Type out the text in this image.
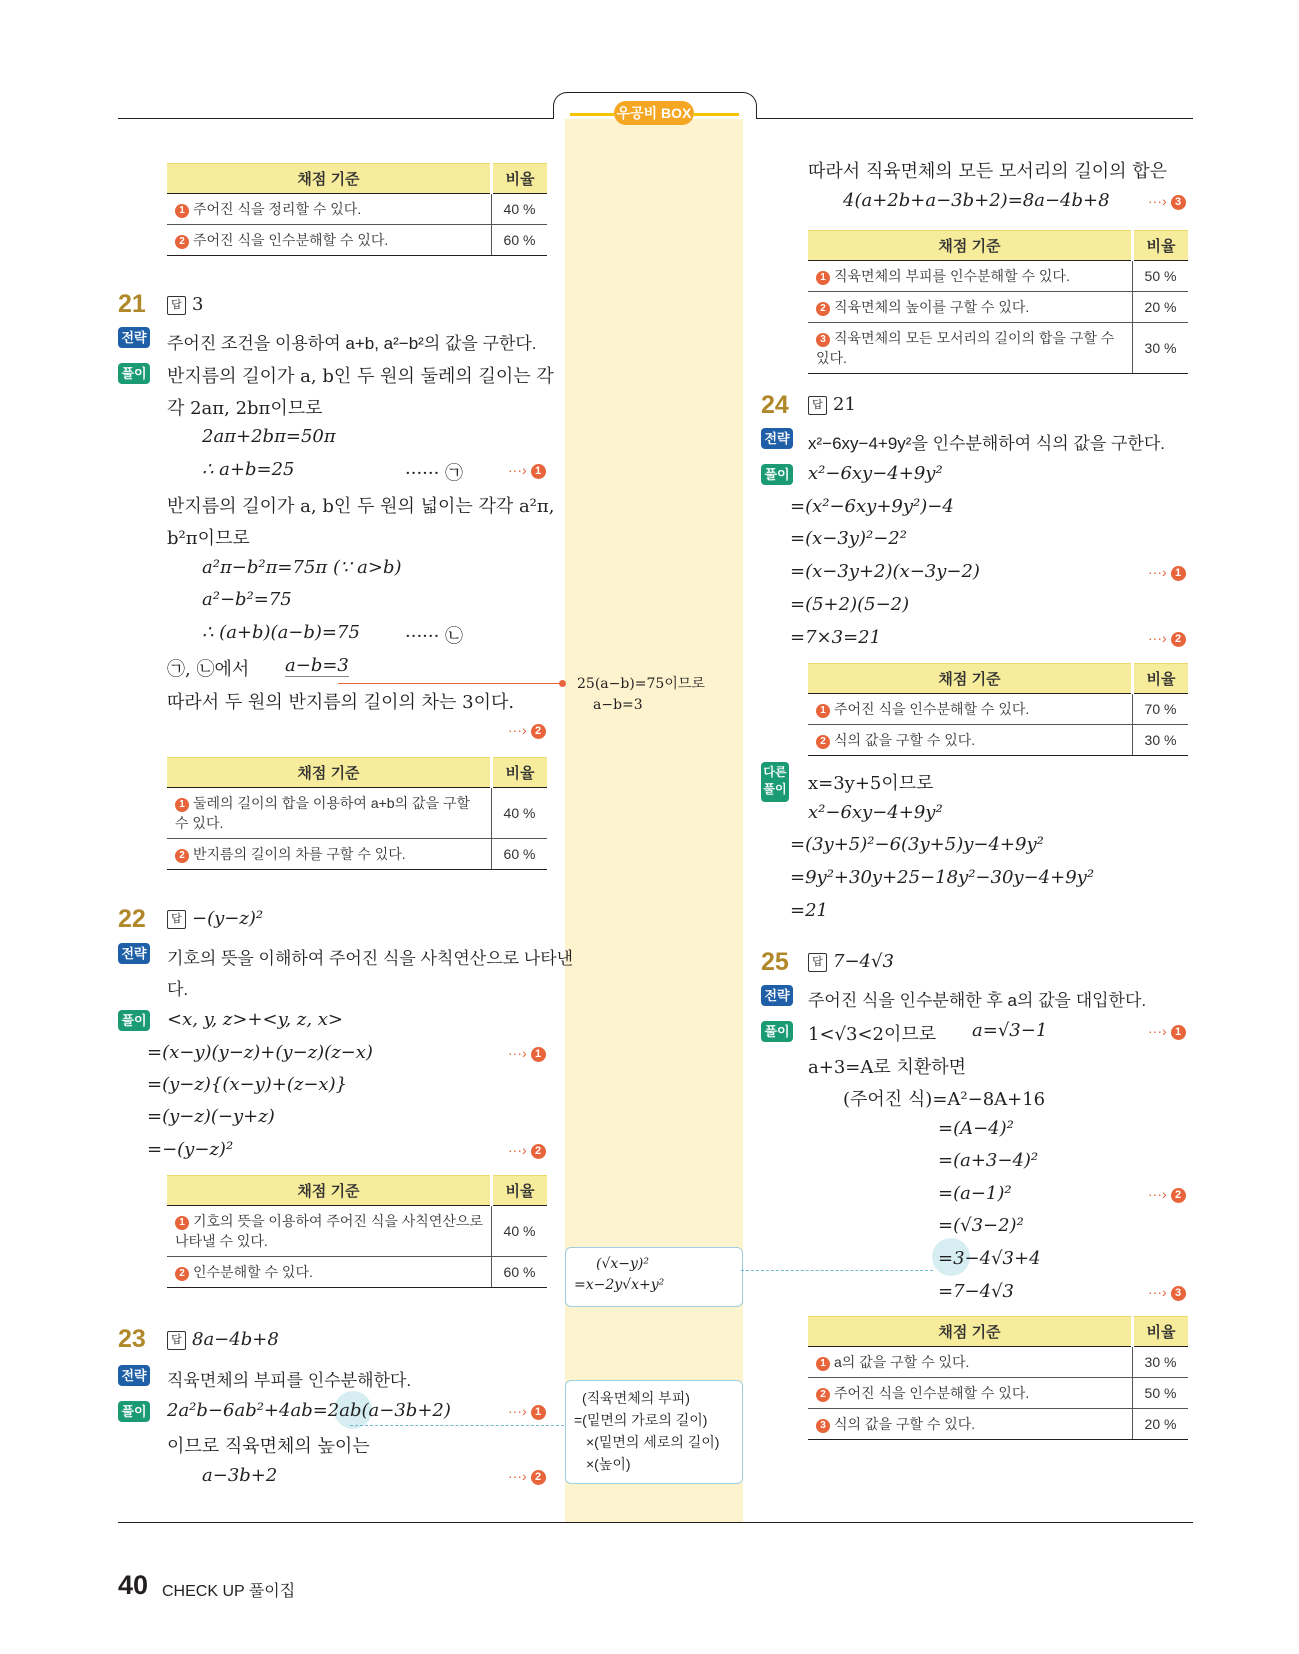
우공비 BOX
채점 기준	비율
1 주어진 식을 정리할 수 있다.	40 %
2 주어진 식을 인수분해할 수 있다.	60 %
21	답 3
전략 주어진 조건을 이용하여 a+b, a²−b²의 값을 구한다.
풀이 반지름의 길이가 a, b인 두 원의 둘레의 길이는 각
각 2aπ, 2bπ이므로
2aπ+2bπ=50π
∴ a+b=25	······ ㉠	···› 1
반지름의 길이가 a, b인 두 원의 넓이는 각각 a²π,
b²π이므로
a²π−b²π=75π (∵ a>b)
a²−b²=75
∴ (a+b)(a−b)=75	······ ㉡
㉠, ㉡에서 a−b=3
따라서 두 원의 반지름의 길이의 차는 3이다.
···› 2
채점 기준	비율
1 둘레의 길이의 합을 이용하여 a+b의 값을 구할 수 있다.	40 %
2 반지름의 길이의 차를 구할 수 있다.	60 %
22	답 −(y−z)²
전략 기호의 뜻을 이해하여 주어진 식을 사칙연산으로 나타낸
다.
풀이 <x, y, z>+<y, z, x>
=(x−y)(y−z)+(y−z)(z−x)	···› 1
=(y−z){(x−y)+(z−x)}
=(y−z)(−y+z)
=−(y−z)²	···› 2
채점 기준	비율
1 기호의 뜻을 이용하여 주어진 식을 사칙연산으로 나타낼 수 있다.	40 %
2 인수분해할 수 있다.	60 %
23	답 8a−4b+8
전략 직육면체의 부피를 인수분해한다.
풀이 2a²b−6ab²+4ab=2ab(a−3b+2)	···› 1
이므로 직육면체의 높이는
a−3b+2	···› 2
25(a−b)=75이므로
a−b=3
(√x−y)²
=x−2y√x+y²
(직육면체의 부피)
=(밑면의 가로의 길이)
×(밑면의 세로의 길이)
×(높이)
따라서 직육면체의 모든 모서리의 길이의 합은
4(a+2b+a−3b+2)=8a−4b+8	···› 3
채점 기준	비율
1 직육면체의 부피를 인수분해할 수 있다.	50 %
2 직육면체의 높이를 구할 수 있다.	20 %
3 직육면체의 모든 모서리의 길이의 합을 구할 수 있다.	30 %
24	답 21
전략 x²−6xy−4+9y²을 인수분해하여 식의 값을 구한다.
풀이 x²−6xy−4+9y²
=(x²−6xy+9y²)−4
=(x−3y)²−2²
=(x−3y+2)(x−3y−2)	···› 1
=(5+2)(5−2)
=7×3=21	···› 2
채점 기준	비율
1 주어진 식을 인수분해할 수 있다.	70 %
2 식의 값을 구할 수 있다.	30 %
다른 풀이 x=3y+5이므로
x²−6xy−4+9y²
=(3y+5)²−6(3y+5)y−4+9y²
=9y²+30y+25−18y²−30y−4+9y²
=21
25	답 7−4√3
전략 주어진 식을 인수분해한 후 a의 값을 대입한다.
풀이 1<√3<2이므로 a=√3−1	···› 1
a+3=A로 치환하면
(주어진 식)=A²−8A+16
=(A−4)²
=(a+3−4)²
=(a−1)²	···› 2
=(√3−2)²
=3−4√3+4
=7−4√3	···› 3
채점 기준	비율
1 a의 값을 구할 수 있다.	30 %
2 주어진 식을 인수분해할 수 있다.	50 %
3 식의 값을 구할 수 있다.	20 %
40 CHECK UP 풀이집
